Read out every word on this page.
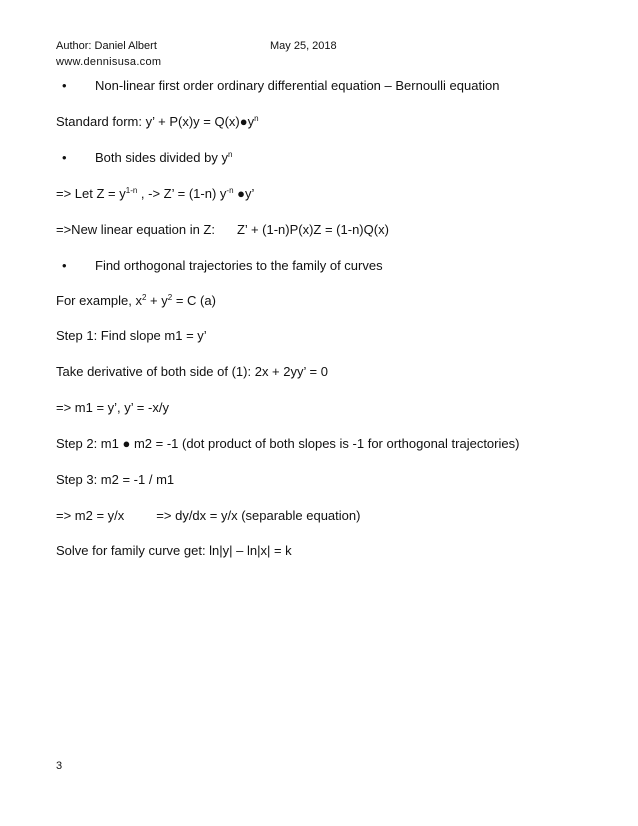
Author: Daniel Albert	May 25, 2018
www.dennisusa.com
• Non-linear first order ordinary differential equation – Bernoulli equation
Standard form: y’ + $P(x)y = Q(x)●y^n$
• Both sides divided by $y^n$
=> Let $Z = y^{1-n}$ , -> Z’ = (1-n) $y^{-n}$ ●y’
=>New linear equation in Z: Z’ + (1-n)P(x)Z = (1-n)Q(x)
• Find orthogonal trajectories to the family of curves
For example, $x^2 + y^2 = C$ (a)
Step 1: Find slope m1 = y’
Take derivative of both side of (1): 2x + 2yy’ = 0
=> m1 = y’, y’ = -x/y
Step 2: m1 ● m2 = -1 (dot product of both slopes is -1 for orthogonal trajectories)
Step 3: m2 = -1 / m1
=> m2 = y/x => dy/dx = y/x (separable equation)
Solve for family curve get: ln|y| – ln|x| = k
3
